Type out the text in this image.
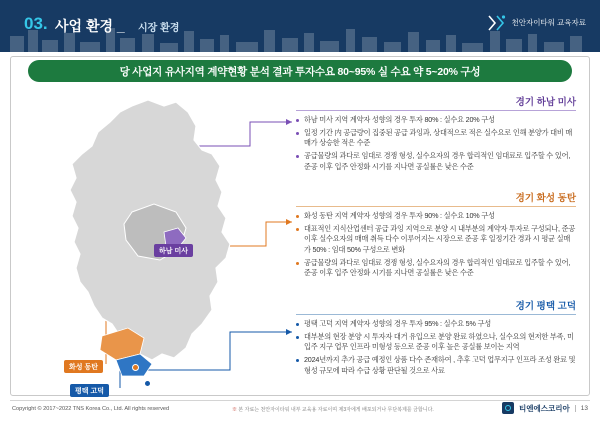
03. 사업 환경 _ 시장 환경
천안자이타워 교육자료
당 사업지 유사지역 계약현황 분석 결과 투자수요 80~95% 실 수요 약 5~20% 구성
하남 미사
화성 동탄
평택 고덕
경기 하남 미사
하남 미사 지역 계약자 성향의 경우 투자 80% : 실수요 20% 구성
일정 기간 内 공급량이 집중된 공급 과잉과, 상대적으로 적은 실수요로 인해 분양가 대비 매매가 상승한 적은 수준
공급물량의 과다로 임대로 경쟁 형성, 실수요자의 경우 합리적인 임대료로 입주할 수 있어, 준공 이후 입주 안정화 시기를 지나면 공실률은 낮은 수준
경기 화성 동탄
화성 동탄 지역 계약자 성향의 경우 투자 90% : 실수요 10% 구성
대표적인 지식산업센터 공급 과잉 지역으로 분양 시 내부분의 계약자 투자로 구성되나, 준공 이후 실수요자의 매매 취득 다수 이루어지는 시장으로 준공 후 일정기간 경과 시 평균 실매가 50% : 임대 50% 구성으로 변화
공급물량의 과다로 임대료 경쟁 형성, 실수요자의 경우 합리적인 임대료로 입주할 수 있어, 준공 이후 입주 안정화 시기를 지나면 공실률은 낮은 수준
경기 평택 고덕
평택 고덕 지역 계약자 성향의 경우 투자 95% : 실수요 5% 구성
대부분의 현장 분양 시 투자자 대거 유입으로 분양 완료 하였으나, 실수요의 현저한 부족, 미 입주 지구 업무 인프라 미형성 등으로 준공 이후 높은 공실률 보이는 지역
2024년까지 추가 공급 예정인 상품 다수 존재하여 , 추후 고덕 업무지구 인프라 조성 완료 및 형성 규모에 따라 수급 상황 판단될 것으로 사료
Copyright © 2017~2022 TNS Korea Co., Ltd. All rights reserved	※ 본 자료는 천안자이타워 내부 교육용 자료이며 제3자에게 배포되거나 무단복제를 금합니다.	티엔에스코리아	13
